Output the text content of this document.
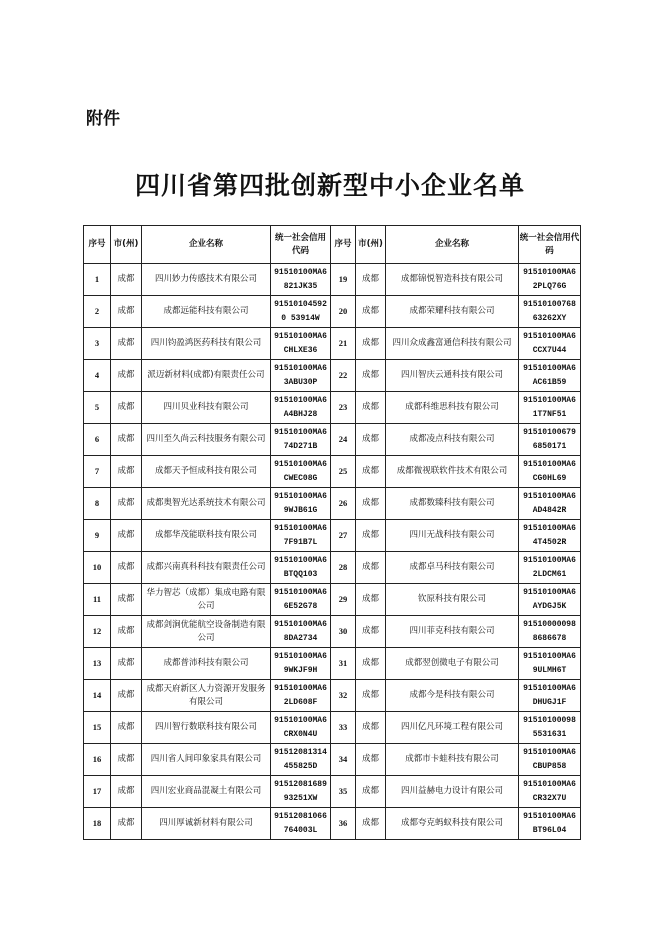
附件
四川省第四批创新型中小企业名单
序号	市(州)	企业名称	统一社会信用代码	序号	市(州)	企业名称	统一社会信用代码
1	成都	四川妙力传感技术有限公司	91510100MA6821JK35	19	成都	成都锦悦智造科技有限公司	91510100MA62PLQ76G
2	成都	成都远能科技有限公司	915101045920 53914W	20	成都	成都荣耀科技有限公司	9151010076863262XY
3	成都	四川钧盈鸿医药科技有限公司	91510100MA6CHLXE36	21	成都	四川众成鑫富通信科技有限公司	91510100MA6CCX7U44
4	成都	派迈新材料(成都)有限责任公司	91510100MA63ABU30P	22	成都	四川智庆云通科技有限公司	91510100MA6AC61B59
5	成都	四川贝业科技有限公司	91510100MA6A4BHJ28	23	成都	成都科维思科技有限公司	91510100MA61T7NF51
6	成都	四川至久尚云科技服务有限公司	91510100MA674D271B	24	成都	成都凌点科技有限公司	915101006796850171
7	成都	成都天予恒成科技有限公司	91510100MA6CWEC08G	25	成都	成都微视联软件技术有限公司	91510100MA6CG0HL69
8	成都	成都奥智光达系统技术有限公司	91510100MA69WJB61G	26	成都	成都数臻科技有限公司	91510100MA6AD4842R
9	成都	成都华茂能联科技有限公司	91510100MA67F91B7L	27	成都	四川无战科技有限公司	91510100MA64T4502R
10	成都	成都兴南真科科技有限责任公司	91510100MA6BTQQ103	28	成都	成都卓马科技有限公司	91510100MA62LDCM61
11	成都	华力智芯（成都）集成电路有限公司	91510100MA66E52G78	29	成都	钦原科技有限公司	91510100MA6AYDGJ5K
12	成都	成都剑涧优能航空设备制造有限公司	91510100MA68DA2734	30	成都	四川菲克科技有限公司	915100000988686678
13	成都	成都普沛科技有限公司	91510100MA69WKJF9H	31	成都	成都翌创微电子有限公司	91510100MA69ULMH6T
14	成都	成都天府新区人力资源开发服务有限公司	91510100MA62LD608F	32	成都	成都今是科技有限公司	91510100MA6DHUGJ1F
15	成都	四川智行数联科技有限公司	91510100MA6CRX0N4U	33	成都	四川亿凡环境工程有限公司	915101000985531631
16	成都	四川省人间印象家具有限公司	91512081314455825D	34	成都	成都市卡蛙科技有限公司	91510100MA6CBUP858
17	成都	四川宏业商品混凝土有限公司	9151208168993251XW	35	成都	四川益赫电力设计有限公司	91510100MA6CR32X7U
18	成都	四川厚诚新材料有限公司	91512081066764003L	36	成都	成都夸克蚂蚁科技有限公司	91510100MA6BT96L04
